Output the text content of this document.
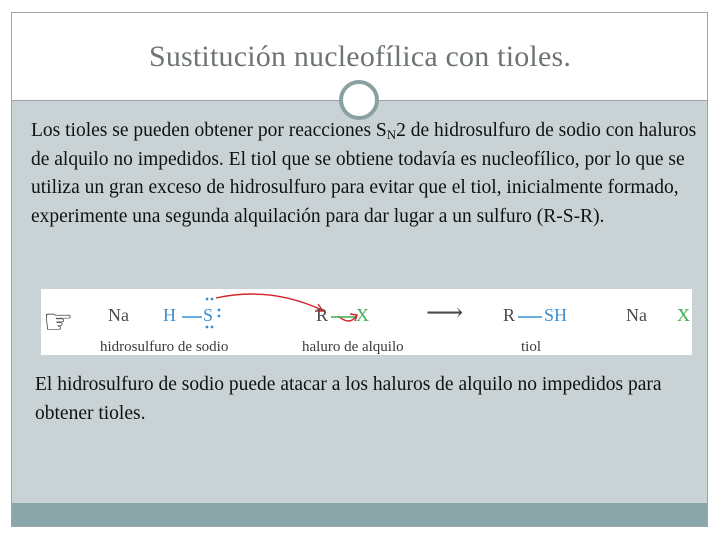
Sustitución nucleofílica con tioles.
Los tioles se pueden obtener por reacciones $S_N2$ de hidrosulfuro de sodio con haluros de alquilo no impedidos. El tiol que se obtiene todavía es nucleofílico, por lo que se utiliza un gran exceso de hidrosulfuro para evitar que el tiol, inicialmente formado, experimente una segunda alquilación para dar lugar a un sulfuro (R-S-R).
☞ Na H S	R X ⟶ R SH	Na X
hidrosulfuro de sodio	haluro de alquilo	tiol
El hidrosulfuro de sodio puede atacar a los haluros de alquilo no impedidos para obtener tioles.
